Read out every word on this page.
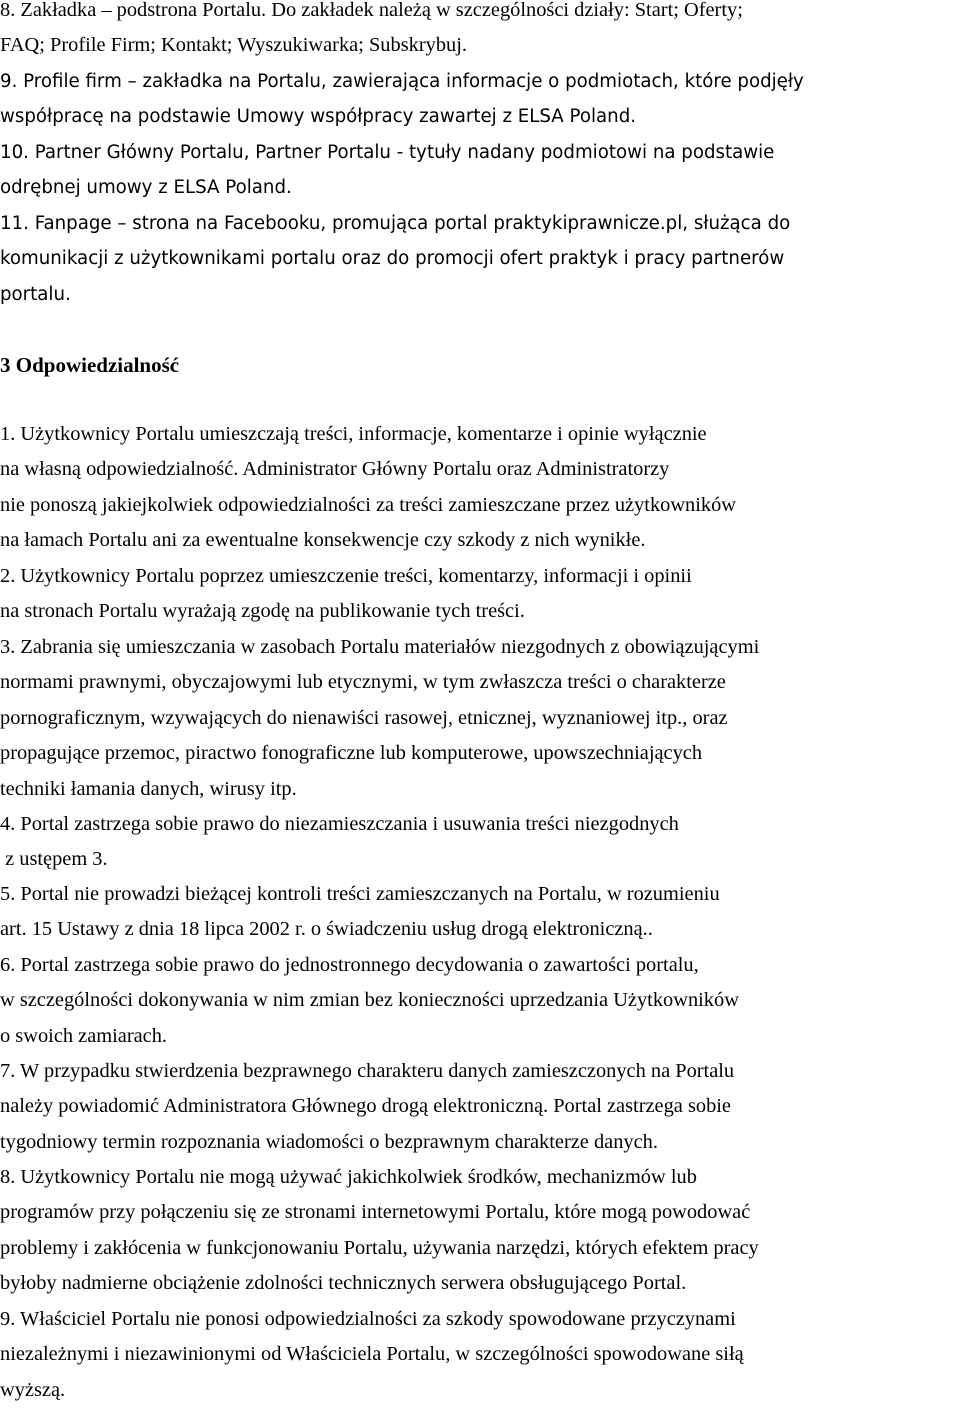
8. Zakładka – podstrona Portalu. Do zakładek należą w szczególności działy: Start; Oferty;
FAQ; Profile Firm; Kontakt; Wyszukiwarka; Subskrybuj.
9. Profile firm – zakładka na Portalu, zawierająca informacje o podmiotach, które podjęły
współpracę na podstawie Umowy współpracy zawartej z ELSA Poland.
10. Partner Główny Portalu, Partner Portalu - tytuły nadany podmiotowi na podstawie
odrębnej umowy z ELSA Poland.
11. Fanpage – strona na Facebooku, promująca portal praktykiprawnicze.pl, służąca do
komunikacji z użytkownikami portalu oraz do promocji ofert praktyk i pracy partnerów
portalu.
3 Odpowiedzialność
1. Użytkownicy Portalu umieszczają treści, informacje, komentarze i opinie wyłącznie
na własną odpowiedzialność. Administrator Główny Portalu oraz Administratorzy
nie ponoszą jakiejkolwiek odpowiedzialności za treści zamieszczane przez użytkowników
na łamach Portalu ani za ewentualne konsekwencje czy szkody z nich wynikłe.
2. Użytkownicy Portalu poprzez umieszczenie treści, komentarzy, informacji i opinii
na stronach Portalu wyrażają zgodę na publikowanie tych treści.
3. Zabrania się umieszczania w zasobach Portalu materiałów niezgodnych z obowiązującymi
normami prawnymi, obyczajowymi lub etycznymi, w tym zwłaszcza treści o charakterze
pornograficznym, wzywających do nienawiści rasowej, etnicznej, wyznaniowej itp., oraz
propagujące przemoc, piractwo fonograficzne lub komputerowe, upowszechniających
techniki łamania danych, wirusy itp.
4. Portal zastrzega sobie prawo do niezamieszczania i usuwania treści niezgodnych
z ustępem 3.
5. Portal nie prowadzi bieżącej kontroli treści zamieszczanych na Portalu, w rozumieniu
art. 15 Ustawy z dnia 18 lipca 2002 r. o świadczeniu usług drogą elektroniczną..
6. Portal zastrzega sobie prawo do jednostronnego decydowania o zawartości portalu,
w szczególności dokonywania w nim zmian bez konieczności uprzedzania Użytkowników
o swoich zamiarach.
7. W przypadku stwierdzenia bezprawnego charakteru danych zamieszczonych na Portalu
należy powiadomić Administratora Głównego drogą elektroniczną. Portal zastrzega sobie
tygodniowy termin rozpoznania wiadomości o bezprawnym charakterze danych.
8. Użytkownicy Portalu nie mogą używać jakichkolwiek środków, mechanizmów lub
programów przy połączeniu się ze stronami internetowymi Portalu, które mogą powodować
problemy i zakłócenia w funkcjonowaniu Portalu, używania narzędzi, których efektem pracy
byłoby nadmierne obciążenie zdolności technicznych serwera obsługującego Portal.
9. Właściciel Portalu nie ponosi odpowiedzialności za szkody spowodowane przyczynami
niezależnymi i niezawinionymi od Właściciela Portalu, w szczególności spowodowane siłą
wyższą.
